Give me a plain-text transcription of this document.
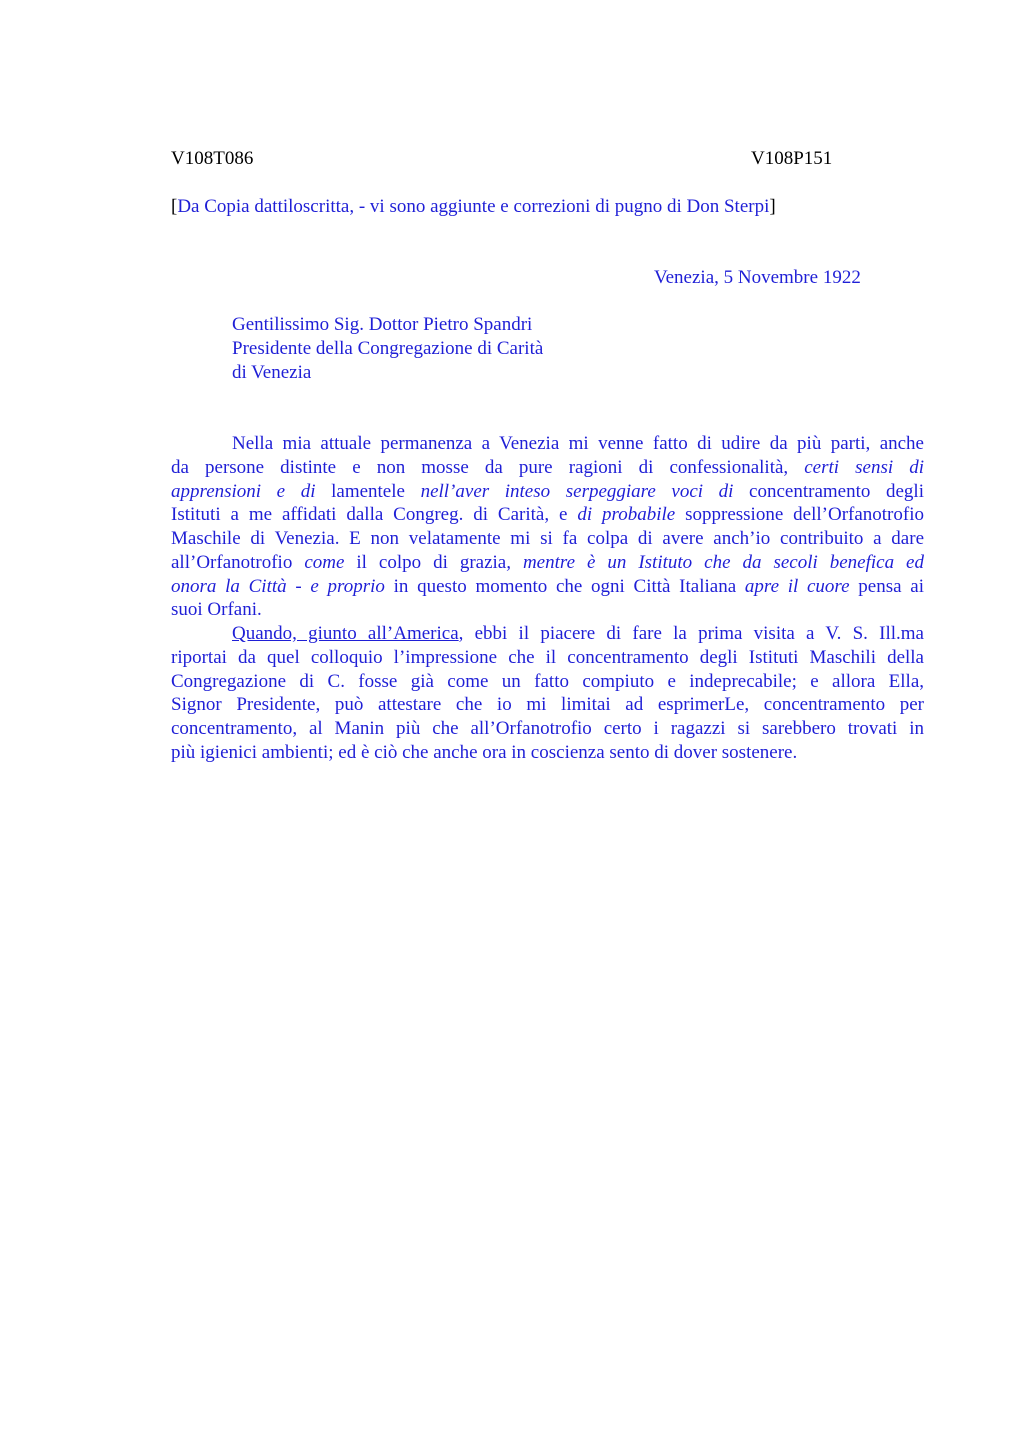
V108T086	V108P151
[Da Copia dattiloscritta, - vi sono aggiunte e correzioni di pugno di Don Sterpi]
Venezia, 5 Novembre 1922
Gentilissimo Sig. Dottor Pietro Spandri
Presidente della Congregazione di Carità
di Venezia
Nella mia attuale permanenza a Venezia mi venne fatto di udire da più parti, anche
da persone distinte e non mosse da pure ragioni di confessionalità, certi sensi di
apprensioni e di lamentele nell’aver inteso serpeggiare voci di concentramento degli
Istituti a me affidati dalla Congreg. di Carità, e di probabile soppressione dell’Orfanotrofio
Maschile di Venezia. E non velatamente mi si fa colpa di avere anch’io contribuito a dare
all’Orfanotrofio come il colpo di grazia, mentre è un Istituto che da secoli benefica ed
onora la Città - e proprio in questo momento che ogni Città Italiana apre il cuore pensa ai
suoi Orfani.
Quando, giunto all’America, ebbi il piacere di fare la prima visita a V. S. Ill.ma
riportai da quel colloquio l’impressione che il concentramento degli Istituti Maschili della
Congregazione di C. fosse già come un fatto compiuto e indeprecabile; e allora Ella,
Signor Presidente, può attestare che io mi limitai ad esprimerLe, concentramento per
concentramento, al Manin più che all’Orfanotrofio certo i ragazzi si sarebbero trovati in
più igienici ambienti; ed è ciò che anche ora in coscienza sento di dover sostenere.
